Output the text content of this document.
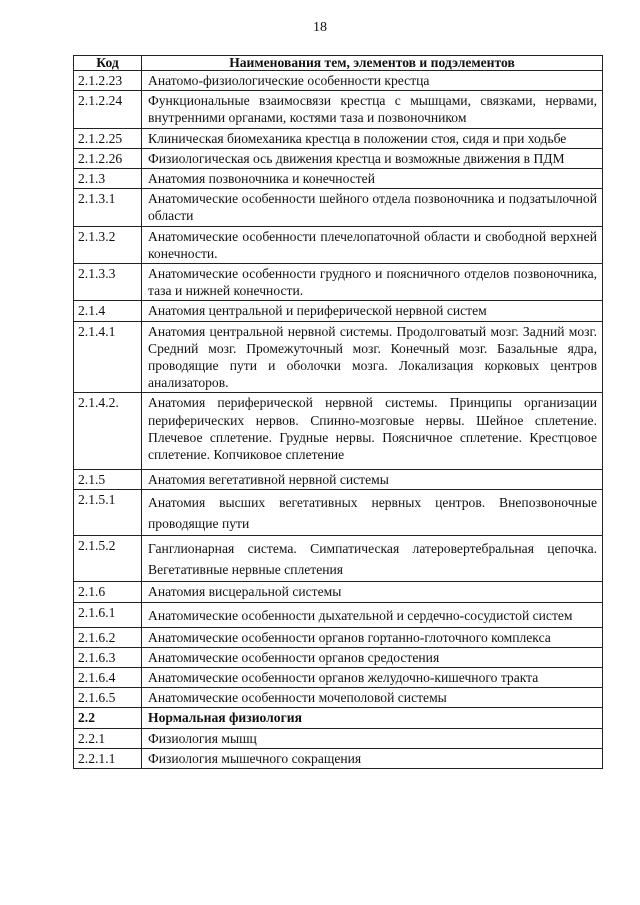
18
Код	Наименования тем, элементов и подэлементов
2.1.2.23	Анатомо-физиологические особенности крестца
2.1.2.24	Функциональные взаимосвязи крестца с мышцами, связками, нервами, внутренними органами, костями таза и позвоночником
2.1.2.25	Клиническая биомеханика крестца в положении стоя, сидя и при ходьбе
2.1.2.26	Физиологическая ось движения крестца и возможные движения в ПДМ
2.1.3	Анатомия позвоночника и конечностей
2.1.3.1	Анатомические особенности шейного отдела позвоночника и подзатылочной области
2.1.3.2	Анатомические особенности плечелопаточной области и свободной верхней конечности.
2.1.3.3	Анатомические особенности грудного и поясничного отделов позвоночника, таза и нижней конечности.
2.1.4	Анатомия центральной и периферической нервной систем
2.1.4.1	Анатомия центральной нервной системы. Продолговатый мозг. Задний мозг. Средний мозг. Промежуточный мозг. Конечный мозг. Базальные ядра, проводящие пути и оболочки мозга. Локализация корковых центров анализаторов.
2.1.4.2.	Анатомия периферической нервной системы. Принципы организации периферических нервов. Спинно-мозговые нервы. Шейное сплетение. Плечевое сплетение. Грудные нервы. Поясничное сплетение. Крестцовое сплетение. Копчиковое сплетение
2.1.5	Анатомия вегетативной нервной системы
2.1.5.1	Анатомия высших вегетативных нервных центров. Внепозвоночные проводящие пути
2.1.5.2	Ганглионарная система. Симпатическая латеровертебральная цепочка. Вегетативные нервные сплетения
2.1.6	Анатомия висцеральной системы
2.1.6.1	Анатомические особенности дыхательной и сердечно-сосудистой систем
2.1.6.2	Анатомические особенности органов гортанно-глоточного комплекса
2.1.6.3	Анатомические особенности органов средостения
2.1.6.4	Анатомические особенности органов желудочно-кишечного тракта
2.1.6.5	Анатомические особенности мочеполовой системы
2.2	Нормальная физиология
2.2.1	Физиология мышц
2.2.1.1	Физиология мышечного сокращения
